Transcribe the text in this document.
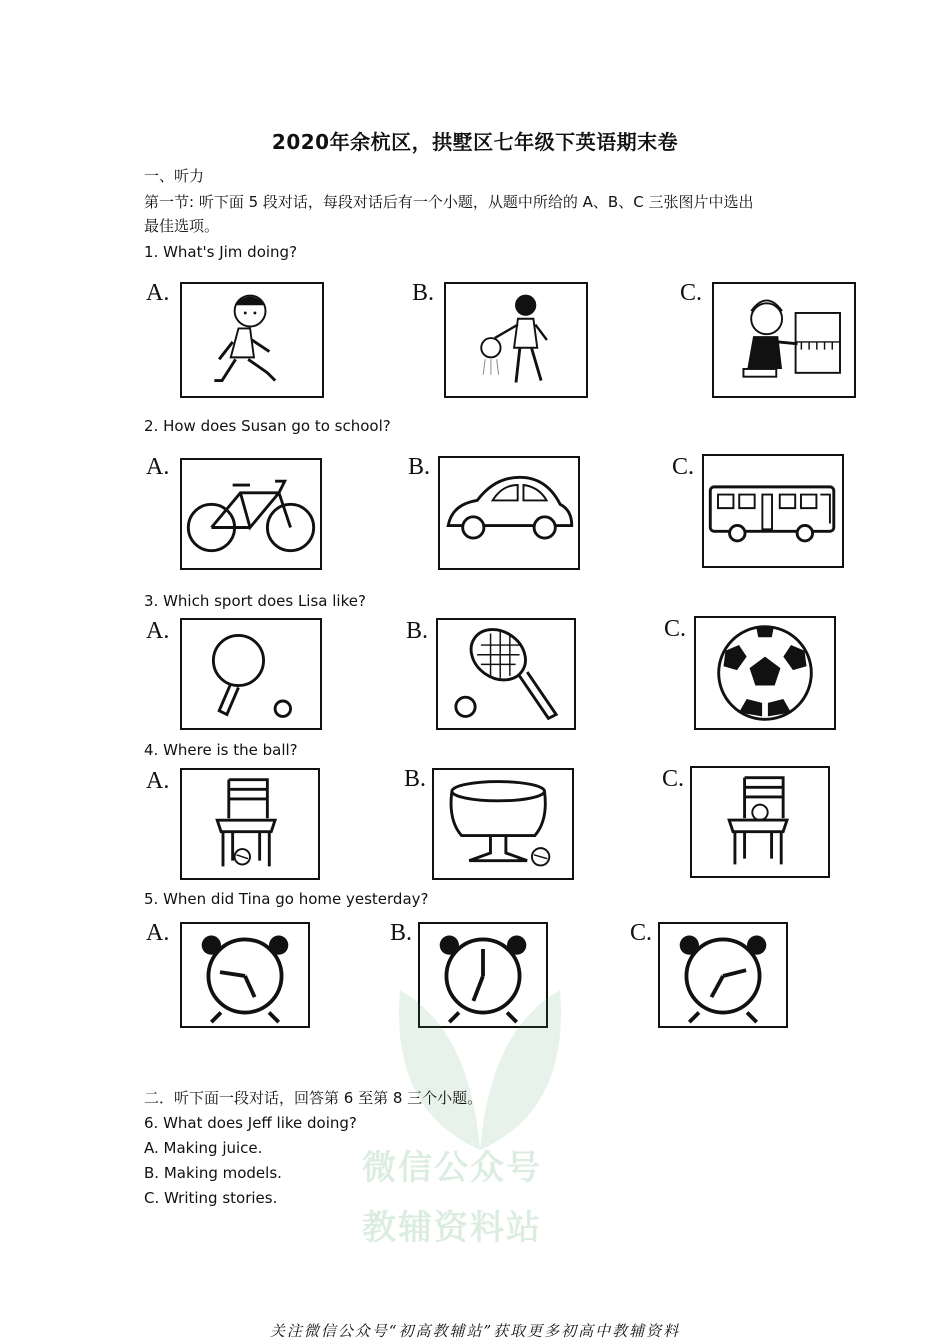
2020年余杭区，拱墅区七年级下英语期末卷
一、听力
第一节: 听下面 5 段对话，每段对话后有一个小题，从题中所给的 A、B、C 三张图片中选出
最佳选项。
1. What's Jim doing?
A.	B.	C.
2. How does Susan go to school?
A.	B.	C.
3. Which sport does Lisa like?
A.	B.	C.
4. Where is the ball?
A.	B.	C.
5. When did Tina go home yesterday?
A.	B.	C.
微信公众号
教辅资料站
二．听下面一段对话，回答第 6 至第 8 三个小题。
6. What does Jeff like doing?
A. Making juice.
B. Making models.
C. Writing stories.
关注微信公众号“初高教辅站”获取更多初高中教辅资料
